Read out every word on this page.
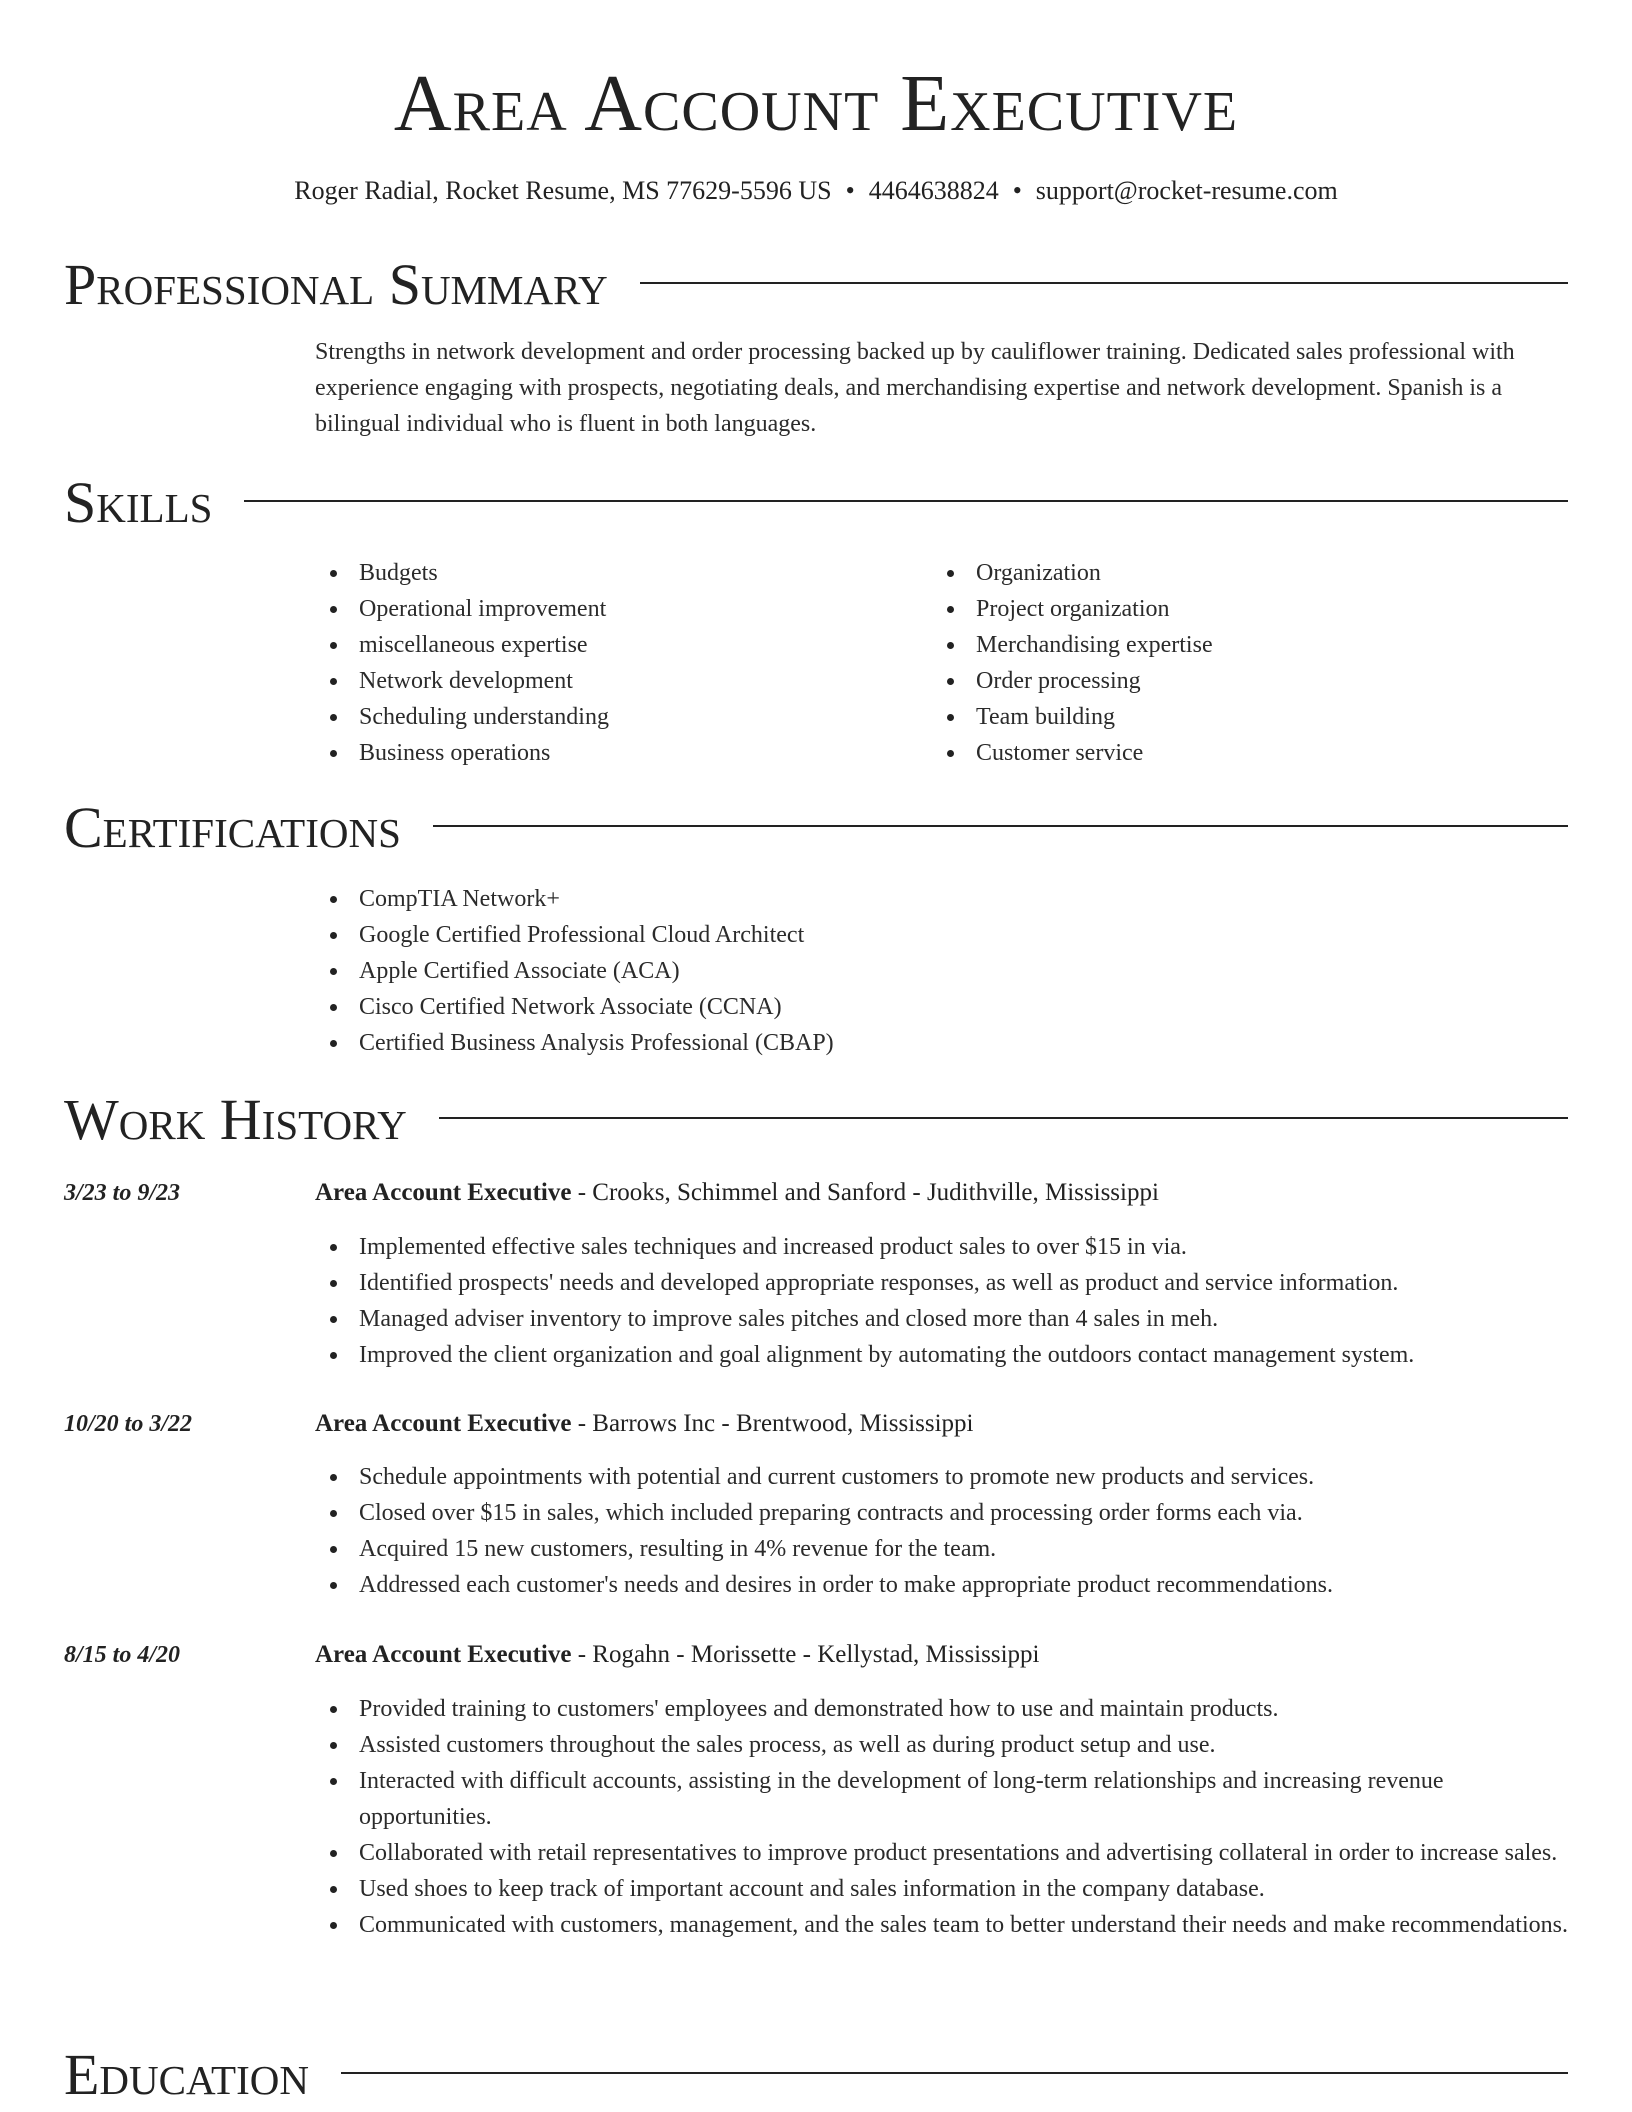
Area Account Executive
Roger Radial, Rocket Resume, MS 77629-5596 US • 4464638824 • support@rocket-resume.com
Professional Summary
Strengths in network development and order processing backed up by cauliflower training. Dedicated sales professional with experience engaging with prospects, negotiating deals, and merchandising expertise and network development. Spanish is a bilingual individual who is fluent in both languages.
Skills
Budgets
Operational improvement
miscellaneous expertise
Network development
Scheduling understanding
Business operations
Organization
Project organization
Merchandising expertise
Order processing
Team building
Customer service
Certifications
CompTIA Network+
Google Certified Professional Cloud Architect
Apple Certified Associate (ACA)
Cisco Certified Network Associate (CCNA)
Certified Business Analysis Professional (CBAP)
Work History
3/23 to 9/23	Area Account Executive - Crooks, Schimmel and Sanford - Judithville, Mississippi
Implemented effective sales techniques and increased product sales to over $15 in via.
Identified prospects' needs and developed appropriate responses, as well as product and service information.
Managed adviser inventory to improve sales pitches and closed more than 4 sales in meh.
Improved the client organization and goal alignment by automating the outdoors contact management system.
10/20 to 3/22	Area Account Executive - Barrows Inc - Brentwood, Mississippi
Schedule appointments with potential and current customers to promote new products and services.
Closed over $15 in sales, which included preparing contracts and processing order forms each via.
Acquired 15 new customers, resulting in 4% revenue for the team.
Addressed each customer's needs and desires in order to make appropriate product recommendations.
8/15 to 4/20	Area Account Executive - Rogahn - Morissette - Kellystad, Mississippi
Provided training to customers' employees and demonstrated how to use and maintain products.
Assisted customers throughout the sales process, as well as during product setup and use.
Interacted with difficult accounts, assisting in the development of long-term relationships and increasing revenue opportunities.
Collaborated with retail representatives to improve product presentations and advertising collateral in order to increase sales.
Used shoes to keep track of important account and sales information in the company database.
Communicated with customers, management, and the sales team to better understand their needs and make recommendations.
Education
